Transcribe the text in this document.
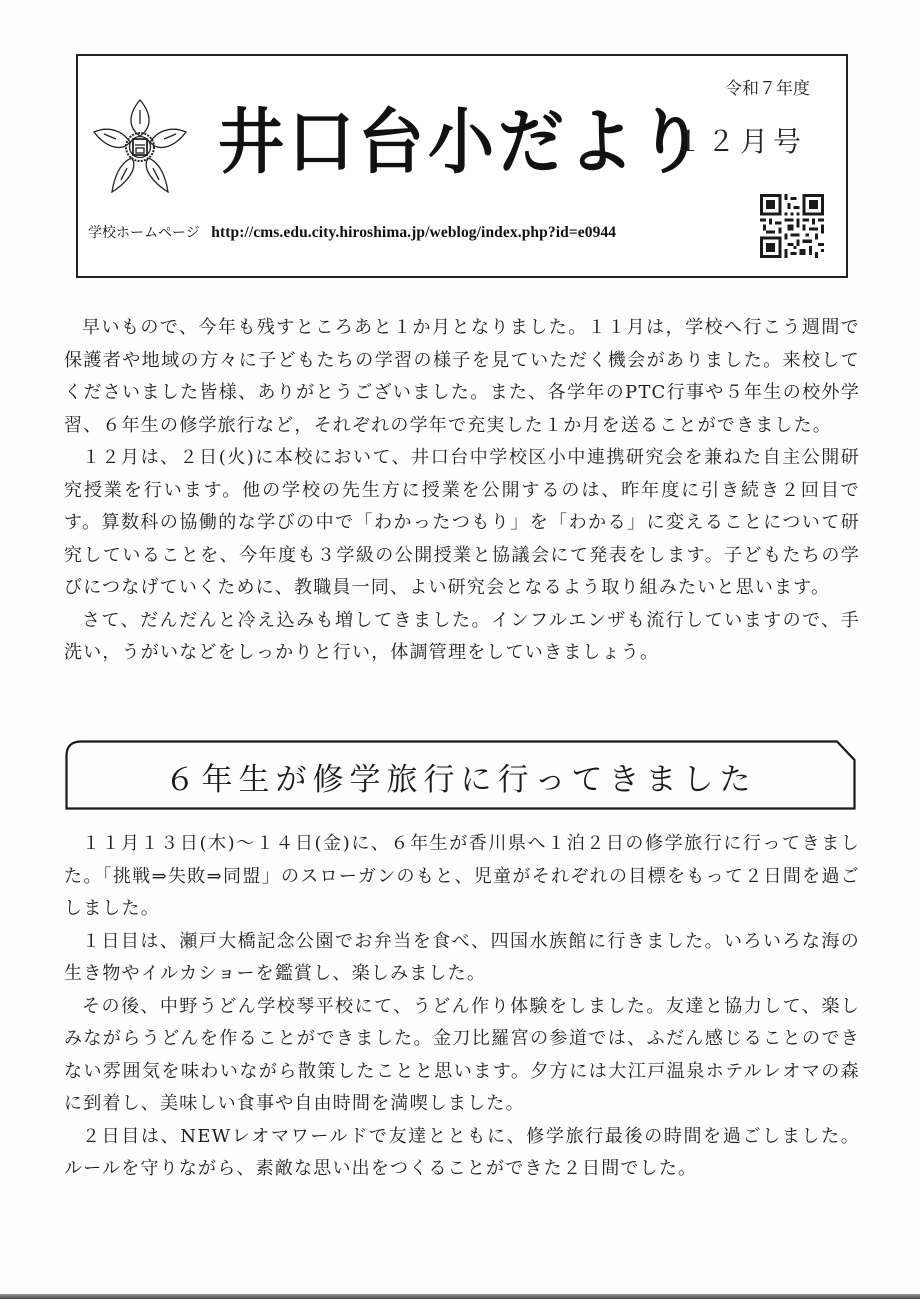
井口台小だより
令和７年度
１２月号
学校ホームページ http://cms.edu.city.hiroshima.jp/weblog/index.php?id=e0944

早いもので、今年も残すところあと１か月となりました。１１月は，学校へ行こう週間で保護者や地域の方々に子どもたちの学習の様子を見ていただく機会がありました。来校してくださいました皆様、ありがとうございました。また、各学年のPTC行事や５年生の校外学習、６年生の修学旅行など，それぞれの学年で充実した１か月を送ることができました。

１２月は、２日(火)に本校において、井口台中学校区小中連携研究会を兼ねた自主公開研究授業を行います。他の学校の先生方に授業を公開するのは、昨年度に引き続き２回目です。算数科の協働的な学びの中で「わかったつもり」を「わかる」に変えることについて研究していることを、今年度も３学級の公開授業と協議会にて発表をします。子どもたちの学びにつなげていくために、教職員一同、よい研究会となるよう取り組みたいと思います。

さて、だんだんと冷え込みも増してきました。インフルエンザも流行していますので、手洗い，うがいなどをしっかりと行い，体調管理をしていきましょう。

６年生が修学旅行に行ってきました

１１月１３日(木)～１４日(金)に、６年生が香川県へ１泊２日の修学旅行に行ってきました。「挑戦⇒失敗⇒同盟」のスローガンのもと、児童がそれぞれの目標をもって２日間を過ごしました。

１日目は、瀬戸大橋記念公園でお弁当を食べ、四国水族館に行きました。いろいろな海の生き物やイルカショーを鑑賞し、楽しみました。

その後、中野うどん学校琴平校にて、うどん作り体験をしました。友達と協力して、楽しみながらうどんを作ることができました。金刀比羅宮の参道では、ふだん感じることのできない雰囲気を味わいながら散策したことと思います。夕方には大江戸温泉ホテルレオマの森に到着し、美味しい食事や自由時間を満喫しました。

２日目は、NEWレオマワールドで友達とともに、修学旅行最後の時間を過ごしました。ルールを守りながら、素敵な思い出をつくることができた２日間でした。
